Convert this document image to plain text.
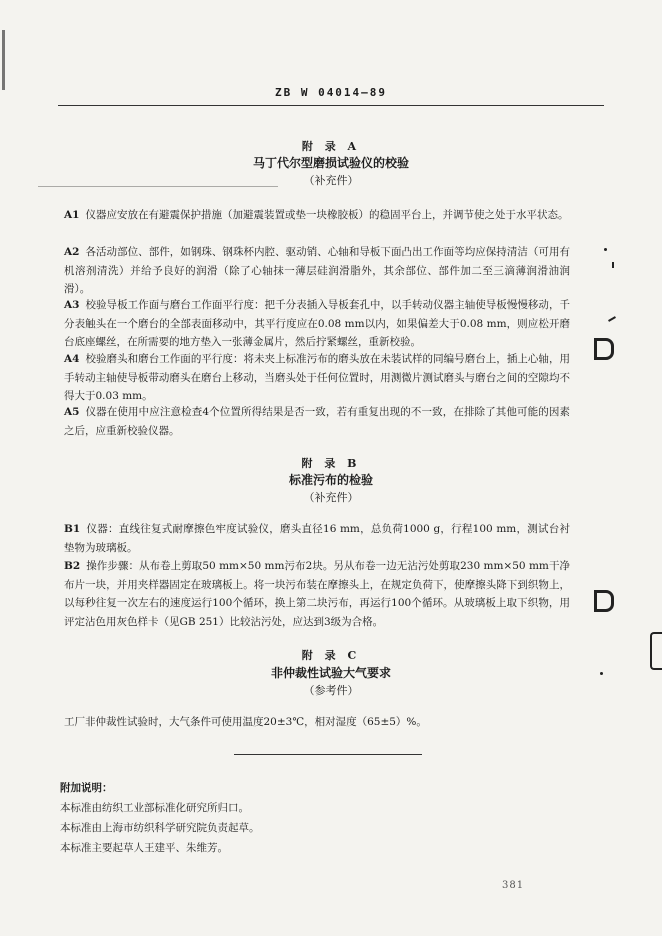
ZB W 04014—89
附 录 A
马丁代尔型磨损试验仪的校验
（补充件）
A1 仪器应安放在有避震保护措施（加避震装置或垫一块橡胶板）的稳固平台上，并调节使之处于水平状态。
A2 各活动部位、部件，如钢珠、钢珠杯内腔、驱动销、心轴和导板下面凸出工作面等均应保持清洁（可用有机溶剂清洗）并给予良好的润滑（除了心轴抹一薄层硅润滑脂外，其余部位、部件加二至三滴薄润滑油润滑）。
A3 校验导板工作面与磨台工作面平行度：把千分表插入导板套孔中，以手转动仪器主轴使导板慢慢移动，千分表触头在一个磨台的全部表面移动中，其平行度应在0.08 mm以内，如果偏差大于0.08 mm，则应松开磨台底座螺丝，在所需要的地方垫入一张薄金属片，然后拧紧螺丝，重新校验。
A4 校验磨头和磨台工作面的平行度：将未夹上标准污布的磨头放在未装试样的同编号磨台上，插上心轴，用手转动主轴使导板带动磨头在磨台上移动，当磨头处于任何位置时，用测微片测试磨头与磨台之间的空隙均不得大于0.03 mm。
A5 仪器在使用中应注意检查4个位置所得结果是否一致，若有重复出现的不一致，在排除了其他可能的因素之后，应重新校验仪器。
附 录 B
标准污布的检验
（补充件）
B1 仪器：直线往复式耐摩擦色牢度试验仪，磨头直径16 mm，总负荷1000 g，行程100 mm，测试台衬垫物为玻璃板。
B2 操作步骤：从布卷上剪取50 mm×50 mm污布2块。另从布卷一边无沾污处剪取230 mm×50 mm干净布片一块，并用夹样器固定在玻璃板上。将一块污布装在摩擦头上，在规定负荷下，使摩擦头降下到织物上，以每秒往复一次左右的速度运行100个循环，换上第二块污布，再运行100个循环。从玻璃板上取下织物，用评定沾色用灰色样卡（见GB 251）比较沾污处，应达到3级为合格。
附 录 C
非仲裁性试验大气要求
（参考件）
工厂非仲裁性试验时，大气条件可使用温度20±3℃，相对湿度（65±5）%。
附加说明：
本标准由纺织工业部标准化研究所归口。
本标准由上海市纺织科学研究院负责起草。
本标准主要起草人王建平、朱维芳。
381
